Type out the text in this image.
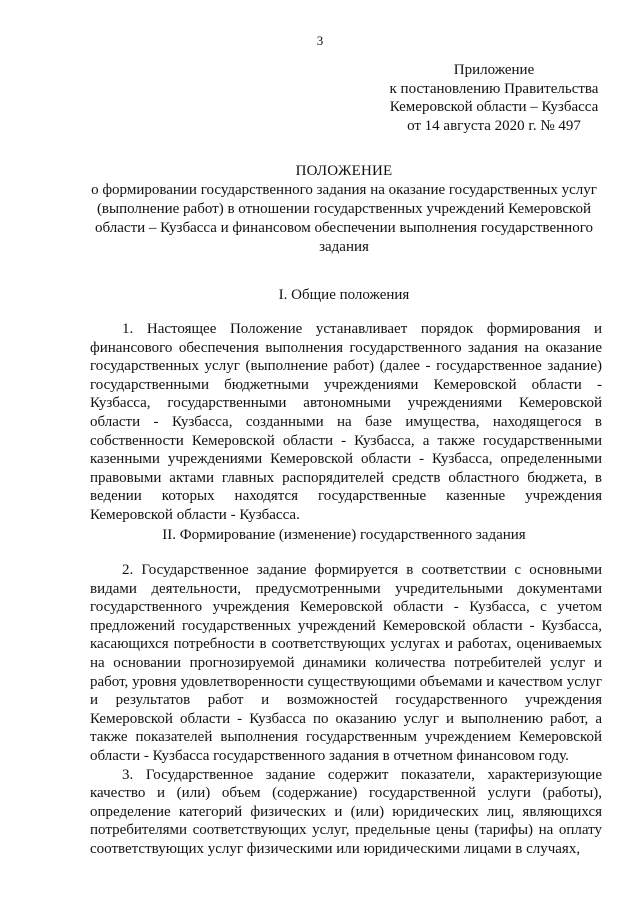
3
Приложение
к постановлению Правительства
Кемеровской области – Кузбасса
от 14 августа 2020 г. № 497
ПОЛОЖЕНИЕ
о формировании государственного задания на оказание государственных услуг (выполнение работ) в отношении государственных учреждений Кемеровской области – Кузбасса и финансовом обеспечении выполнения государственного задания
I. Общие положения

1. Настоящее Положение устанавливает порядок формирования и финансового обеспечения выполнения государственного задания на оказание государственных услуг (выполнение работ) (далее - государственное задание) государственными бюджетными учреждениями Кемеровской области - Кузбасса, государственными автономными учреждениями Кемеровской области - Кузбасса, созданными на базе имущества, находящегося в собственности Кемеровской области - Кузбасса, а также государственными казенными учреждениями Кемеровской области - Кузбасса, определенными правовыми актами главных распорядителей средств областного бюджета, в ведении которых находятся государственные казенные учреждения Кемеровской области - Кузбасса.

II. Формирование (изменение) государственного задания

2. Государственное задание формируется в соответствии с основными видами деятельности, предусмотренными учредительными документами государственного учреждения Кемеровской области - Кузбасса, с учетом предложений государственных учреждений Кемеровской области - Кузбасса, касающихся потребности в соответствующих услугах и работах, оцениваемых на основании прогнозируемой динамики количества потребителей услуг и работ, уровня удовлетворенности существующими объемами и качеством услуг и результатов работ и возможностей государственного учреждения Кемеровской области - Кузбасса по оказанию услуг и выполнению работ, а также показателей выполнения государственным учреждением Кемеровской области - Кузбасса государственного задания в отчетном финансовом году.

3. Государственное задание содержит показатели, характеризующие качество и (или) объем (содержание) государственной услуги (работы), определение категорий физических и (или) юридических лиц, являющихся потребителями соответствующих услуг, предельные цены (тарифы) на оплату соответствующих услуг физическими или юридическими лицами в случаях,
